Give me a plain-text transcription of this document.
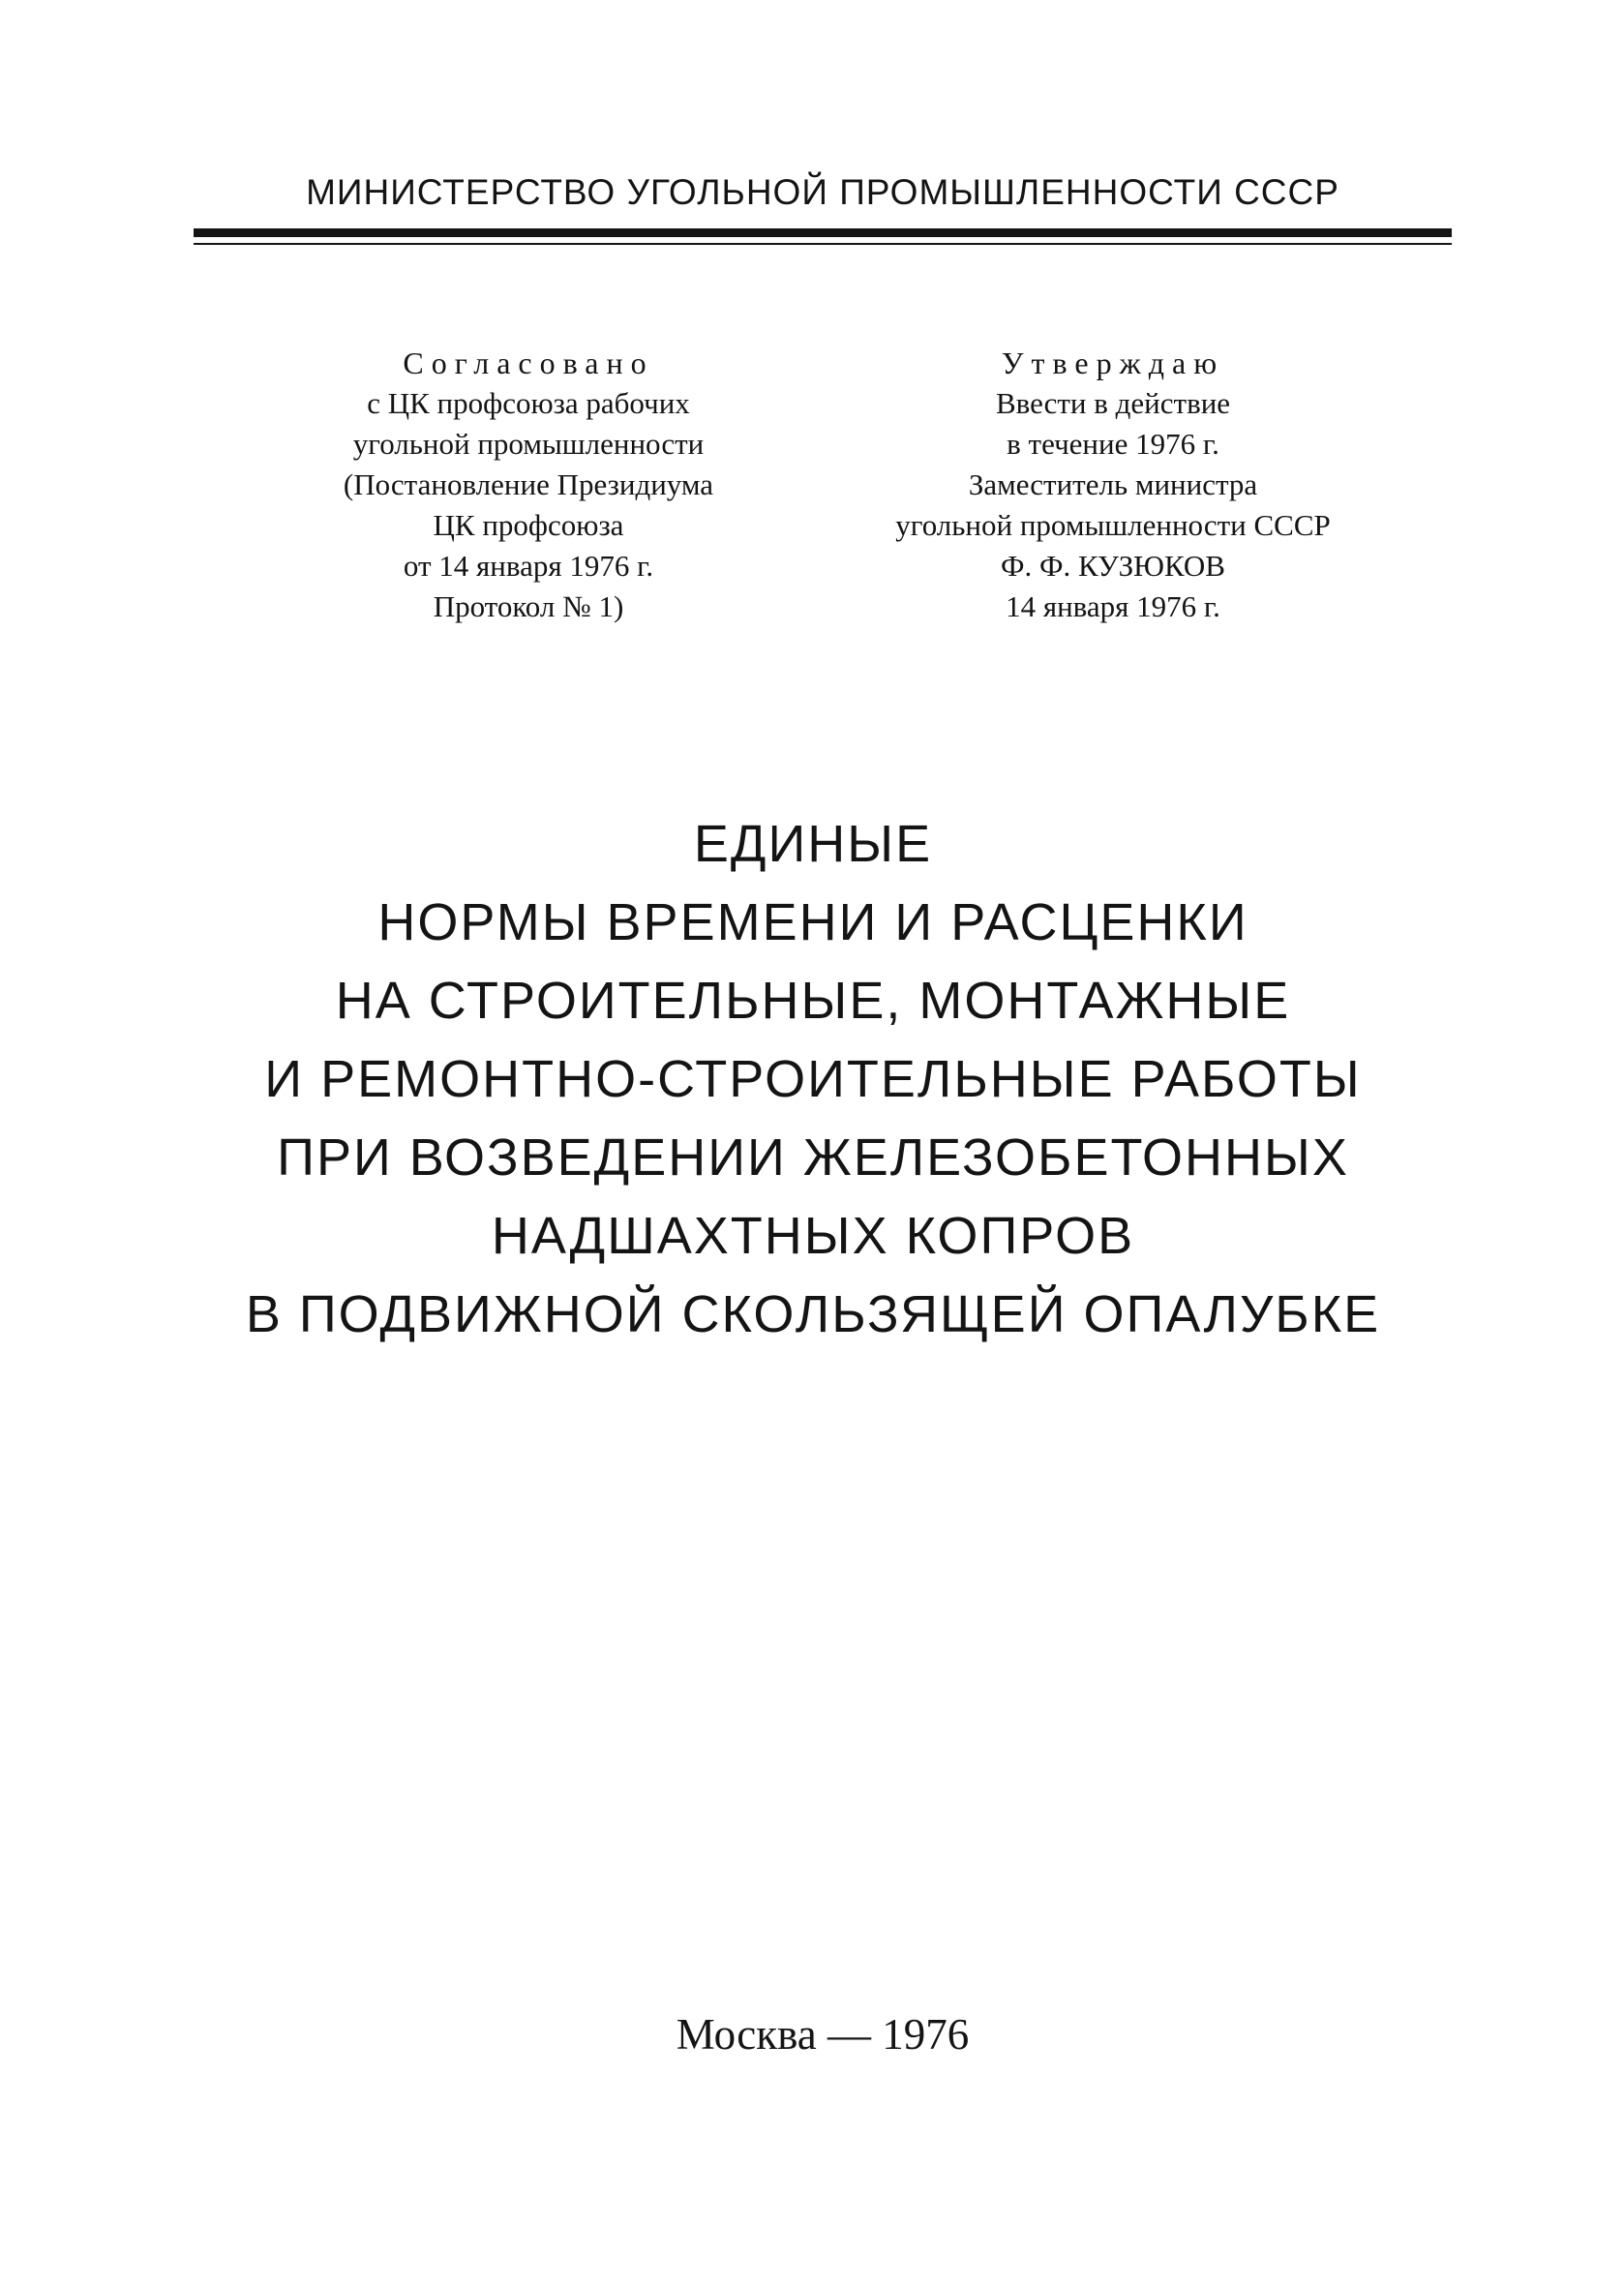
МИНИСТЕРСТВО УГОЛЬНОЙ ПРОМЫШЛЕННОСТИ СССР
Согласовано
с ЦК профсоюза рабочих
угольной промышленности
(Постановление Президиума
ЦК профсоюза
от 14 января 1976 г.
Протокол № 1)
Утверждаю
Ввести в действие
в течение 1976 г.
Заместитель министра
угольной промышленности СССР
Ф. Ф. КУЗЮКОВ
14 января 1976 г.
ЕДИНЫЕ
НОРМЫ ВРЕМЕНИ И РАСЦЕНКИ
НА СТРОИТЕЛЬНЫЕ, МОНТАЖНЫЕ
И РЕМОНТНО-СТРОИТЕЛЬНЫЕ РАБОТЫ
ПРИ ВОЗВЕДЕНИИ ЖЕЛЕЗОБЕТОННЫХ
НАДШАХТНЫХ КОПРОВ
В ПОДВИЖНОЙ СКОЛЬЗЯЩЕЙ ОПАЛУБКЕ
Москва — 1976
